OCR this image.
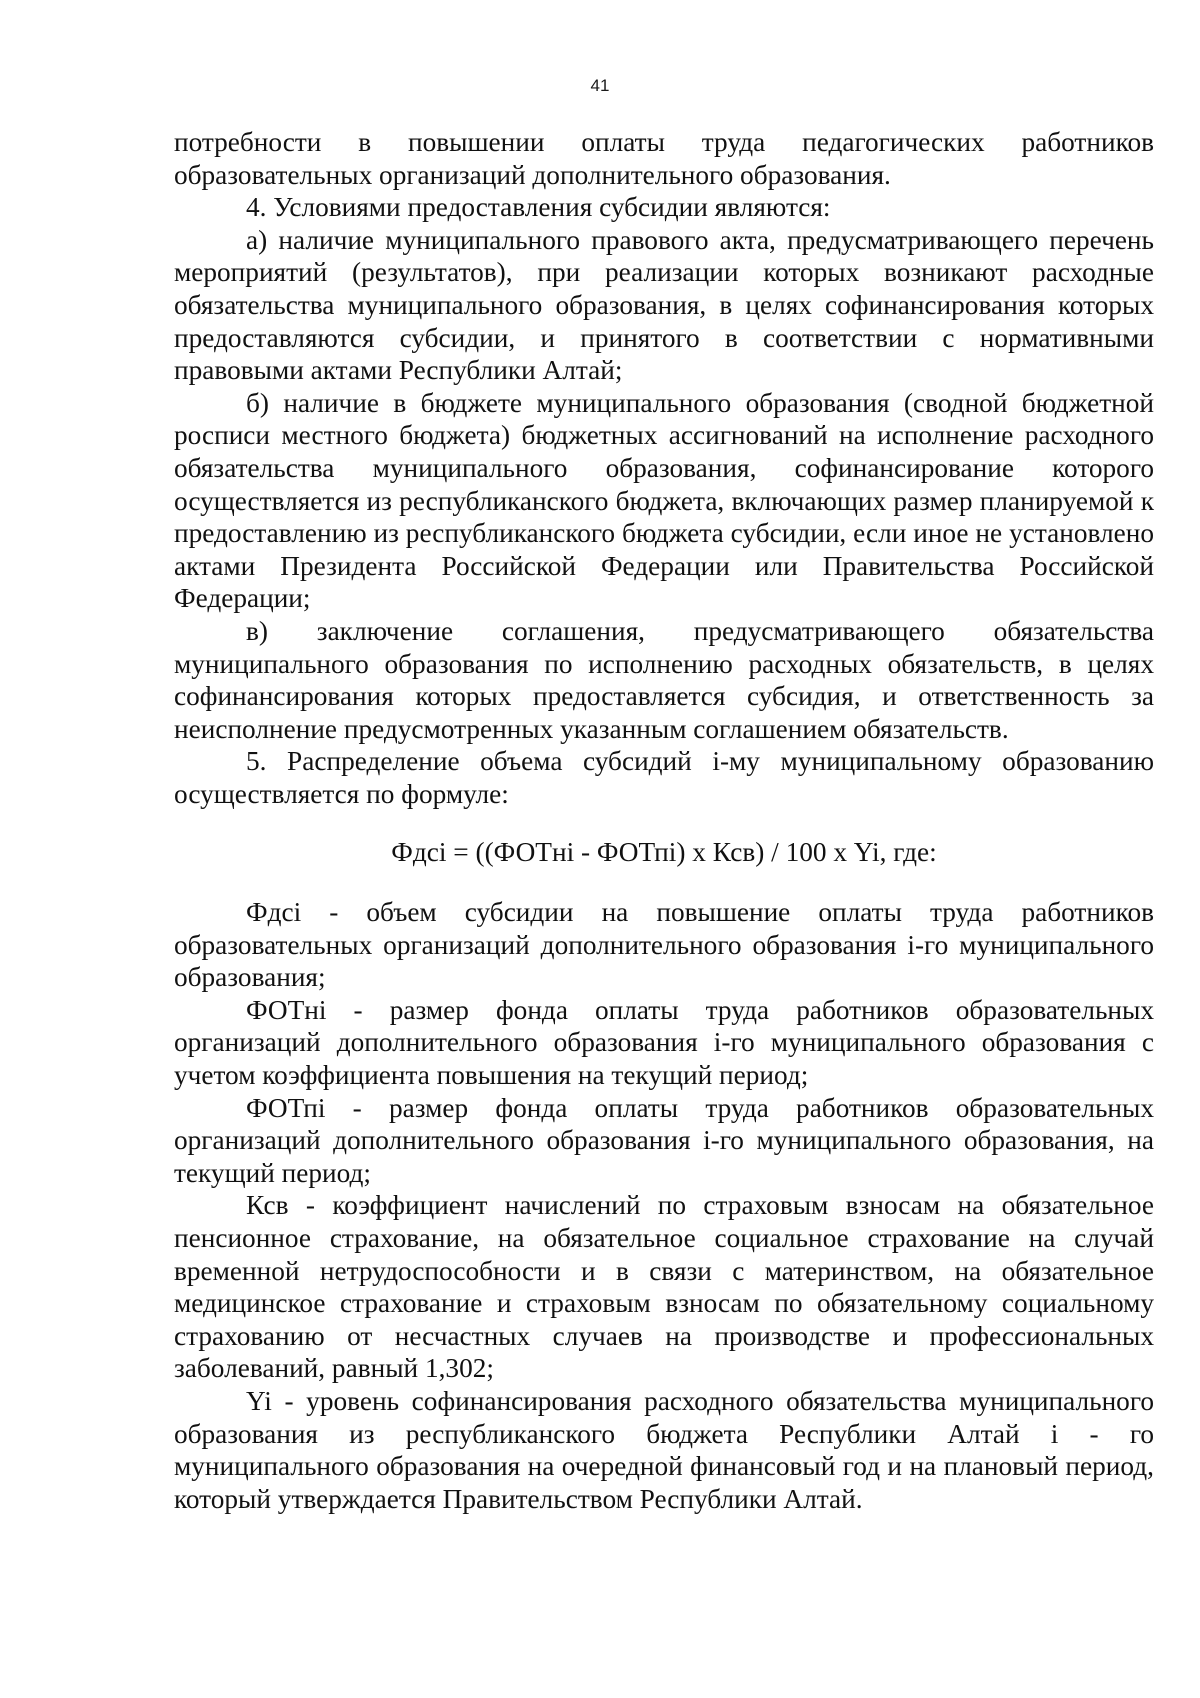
41

потребности в повышении оплаты труда педагогических работников образовательных организаций дополнительного образования.

4. Условиями предоставления субсидии являются:

а) наличие муниципального правового акта, предусматривающего перечень мероприятий (результатов), при реализации которых возникают расходные обязательства муниципального образования, в целях софинансирования которых предоставляются субсидии, и принятого в соответствии с нормативными правовыми актами Республики Алтай;

б) наличие в бюджете муниципального образования (сводной бюджетной росписи местного бюджета) бюджетных ассигнований на исполнение расходного обязательства муниципального образования, софинансирование которого осуществляется из республиканского бюджета, включающих размер планируемой к предоставлению из республиканского бюджета субсидии, если иное не установлено актами Президента Российской Федерации или Правительства Российской Федерации;

в) заключение соглашения, предусматривающего обязательства муниципального образования по исполнению расходных обязательств, в целях софинансирования которых предоставляется субсидия, и ответственность за неисполнение предусмотренных указанным соглашением обязательств.

5. Распределение объема субсидий i-му муниципальному образованию осуществляется по формуле:

Фдсi = ((ФОТнi - ФОТпi) х Ксв) / 100 х Yi, где:

Фдсi - объем субсидии на повышение оплаты труда работников образовательных организаций дополнительного образования i-го муниципального образования;

ФОТнi - размер фонда оплаты труда работников образовательных организаций дополнительного образования i-го муниципального образования с учетом коэффициента повышения на текущий период;

ФОТпi - размер фонда оплаты труда работников образовательных организаций дополнительного образования i-го муниципального образования, на текущий период;

Ксв - коэффициент начислений по страховым взносам на обязательное пенсионное страхование, на обязательное социальное страхование на случай временной нетрудоспособности и в связи с материнством, на обязательное медицинское страхование и страховым взносам по обязательному социальному страхованию от несчастных случаев на производстве и профессиональных заболеваний, равный 1,302;

Yi - уровень софинансирования расходного обязательства муниципального образования из республиканского бюджета Республики Алтай i - го муниципального образования на очередной финансовый год и на плановый период, который утверждается Правительством Республики Алтай.
